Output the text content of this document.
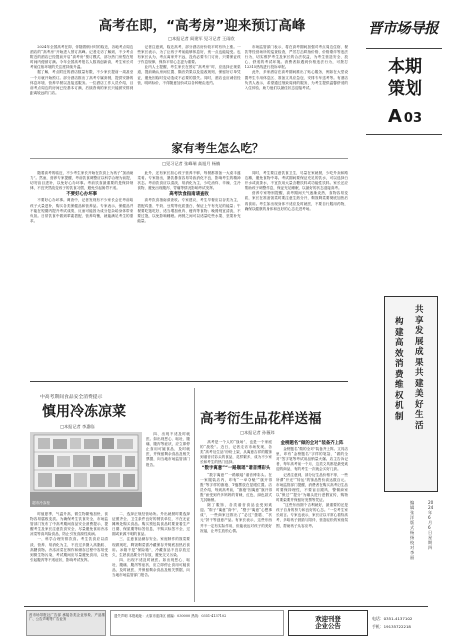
高考在即，“高考房”迎来预订高峰
□本报记者 阎建军 见习记者 王雨欣

2024年全国高考在即，伴随着倒计时的临近，各地考点周边酒店的“高考房”开始进入预订高峰。记者走访了解到，不少考点附近的酒店已经提前开启“高考房”预订模式，部分热门房型在短时间内便被订满。今年全国高考报名人数再创新高，考生家长对考前住宿环境的关注度持续升温。

据了解，考点附近的酒店数量有限，不少家长提前一周甚至一个月就开始预订。部分酒店推出了高考专属套餐，提供安静的休息环境、营养早餐以及接送服务。一位酒店工作人员介绍，目前考点周边的房间已经基本订满，后续咨询的家长只能被安排到距离较远的门店。

记者注意到，临近高考，部分酒店房价较平时有所上涨。一些家长表示，为了让孩子考前能够休息好，贵一点也能接受。也有家长认为，考点离家并不远，没有必要专门订房，只要保证孩子作息规律，保持平常心态更为重要。

业内人士提醒，考生家长在预订“高考房”时，应选择正规渠道，提前确认房间位置、隔音效果以及退改规则，保留好订单凭证，避免因临时变动造成不必要的损失。同时，酒店也应诚信经营，明码标价，不得随意加价或以各种理由违约。

市场监管部门表示，将在高考期间加强对考点周边住宿、餐饮等经营场所的巡查检查，严厉打击哄抬价格、价格欺诈等违法行为，切实维护考生及家长的合法权益，为考生营造安全、放心、舒适的考试环境。消费者如遇到价格违法行为，可拨打12315热线进行投诉举报。

此外，多家酒店在高考期间推出了贴心服务，例如在大堂设置考生专用休息区、准备文具应急包、安排专车送考等。有酒店负责人表示，希望通过细致周到的服务，为考生提供温馨舒适的入住体验，助力他们以最佳状态迎接考试。

家有考生怎么吃？
□见习记者 张峰瑞 高旭月 杨楠

随着高考的临近，不少考生家长开始在饮食上为孩子“加油助力”。然而，营养专家提醒，考前饮食调整应以科学合理为前提，切勿盲目进补，以免好心办坏事。考前饮食最重要的是保持规律，不宜突然改变孩子的饮食习惯，避免引起肠胃不适。

不要好心办坏事

不要好心办坏事。调查中，记者发现有不少家长会在考前给孩子大量进补，购买各类保健品和营养品。专家表示，保健品并不能在短期内提升考试成绩，反而可能因为成分复杂给身体带来负担。日常饮食中做到荤素搭配、营养均衡，就能满足考生的需求。

此外，还有家长担心孩子营养不够，每餐都准备一大桌丰盛菜肴。专家指出，暴饮暴食容易导致消化不良，影响考生的精神状态。考前饮食应以清淡、易消化为主，少吃油炸、辛辣、生冷食物，避免出现腹泻、胃痛等情况影响考试发挥。

高考饮食指南请查收

高考饮食指南请查收。专家建议，考生早餐应以谷类为主，搭配鸡蛋、牛奶、豆浆等优质蛋白，保证上午有充足的能量；午餐要吃饱吃好，适当增加鱼肉、瘦肉等食物；晚餐则宜清淡，不要过饱，以免影响睡眠。两餐之间可以适量吃些水果、坚果补充能量。

同时，考生要注意饮食卫生，尽量在家就餐，少吃外卖和路边摊，避免食物中毒。考试期间要保证充足的饮水，可以选择白开水或淡茶水，不宜饮用大量含糖饮料或功能性饮料。家长还应帮助孩子调整作息，保证充足睡眠，以最好的状态迎接高考。

营养专家特别提醒，高考期间天气逐渐炎热，食物容易变质，家长在准备饭菜时要注意生熟分开，剩饭剩菜要彻底加热后再食用。考生如出现身体不适应及时就医，不要自行服用药物，确保以健康的身体和良好的心态走进考场。

中高考期间食品安全消费提示
慎用冷冻凉菜
□本报记者 李惠临
超市冷冻柜

时值夏季，气温升高，微生物繁殖加快，食物容易腐败变质。为确保考生饮食安全，市场监管部门发布了中高考期间食品安全消费提示，提醒考生及家长注意饮食安全，尽量避免食用冷冻凉菜等高风险食品，防止引发食源性疾病。

一、科学合理安排饮食。考生饮食应以清淡、营养、易消化为主，不宜过多摄入高脂肪、高糖食物。冷冻凉菜在制作和储存过程中容易受到微生物污染，考试期间应尽量避免食用，以免引起腹泻等不适症状，影响考试发挥。

二、选择正规经营场所。外出就餐时要选择证照齐全、卫生条件良好的餐饮单位，不在无证摊贩处购买食品。购买预包装食品时要查看生产日期、保质期等标签信息，不购买标签不全、过期或来源不明的食品。

三、注意食品储存安全。家庭制作的饭菜要现做现吃，剩饭剩菜需冷藏保存并彻底加热后食用。冰箱不是“保险箱”，冷藏食品不宜存放过久，生熟食品要分开存放，避免交叉污染。

四、出现不适及时就医。如出现恶心、呕吐、腹痛、腹泻等症状，应立即停止食用可疑食品，及时就医，并保留剩余食品及相关票据，向当地市场监管部门报告。

四、出现不适及时就医。如出现恶心、呕吐、腹痛、腹泻等症状，应立即停止食用可疑食品，及时就医，并保留剩余食品及相关票据，向当地市场监管部门报告。

高考衍生品花样送福
□本报记者 孙薇玮

高考是一个人的“战场”，也是一个家庭的“战役”。近日，记者走访市场发现，各类“高考衍生品”纷纷上架，从寓意吉祥的服饰到谐音讨彩头的食品，花样繁多，成为不少家长和考生的热门选择。

“数字寓意”“一路顺瑶”谐音博彩头

“数字寓意”“一路顺瑶”谐音博彩头。在一家服装店内，印有“一举夺魁”“旗开得胜”等字样的旗袍、T恤摆放在显眼位置。店员介绍，每到高考前，“旗袍”因寓意“旗开得胜”而受到许多妈妈的青睐，红色、绿色款式尤其畅销。

除了服饰，各类谐音食品也受到欢迎。“粽子”寓意“高中”，“橙子”寓意“心想事成”，一些商家还推出了“必过”蛋糕、“状元”饼干等创意产品。有家长表示，这些东西并不一定有实际作用，但能表达对孩子的美好祝福，让考生放松心情。

金榜题名“做的全对”装备齐上阵

金榜题名“做的全对”装备齐上阵。文具店里，印有“金榜题名”字样的笔袋、“做的全对”签字笔等考试用品销量火爆。店主告诉记者，每年高考前一个月，这类文具都是最受欢迎的商品，有的考生一次就会买好几套。

记者注意到，部分衍生品价格不菲，一些所谓“开光”“转运”的饰品售价高达数百元。市场监管部门提醒，消费者在购买高考衍生品时要保持理性，不要盲目跟风，警惕商家以“保过”“提分”为噱头进行虚假宣传，购物时要索要并保留好发票等凭证。

“这些东西图个吉利就好，最重要的还是孩子自身的努力和良好的心态。”一位考生家长坦言。专家也表示，家长应以平常心看待高考，多给孩子鼓励与陪伴，营造轻松的家庭氛围，帮助孩子从容应考。

晋市场导报
本期策划
A 03
共享发展成果共建美好生活
构建高效消费维权机制
2024年6月6日 星期四
编辑 张洋 版式 杨扬 校对 李丽
晋市场导报社广告部 承接各类企业形象、产品推广、公告声明等广告业务
遗失声明 本报地址：太原市迎泽区 邮编：030000 热线：0351-4137102	欢迎刊登
企业公告
电话：0351-4137102
手机：19135722218
